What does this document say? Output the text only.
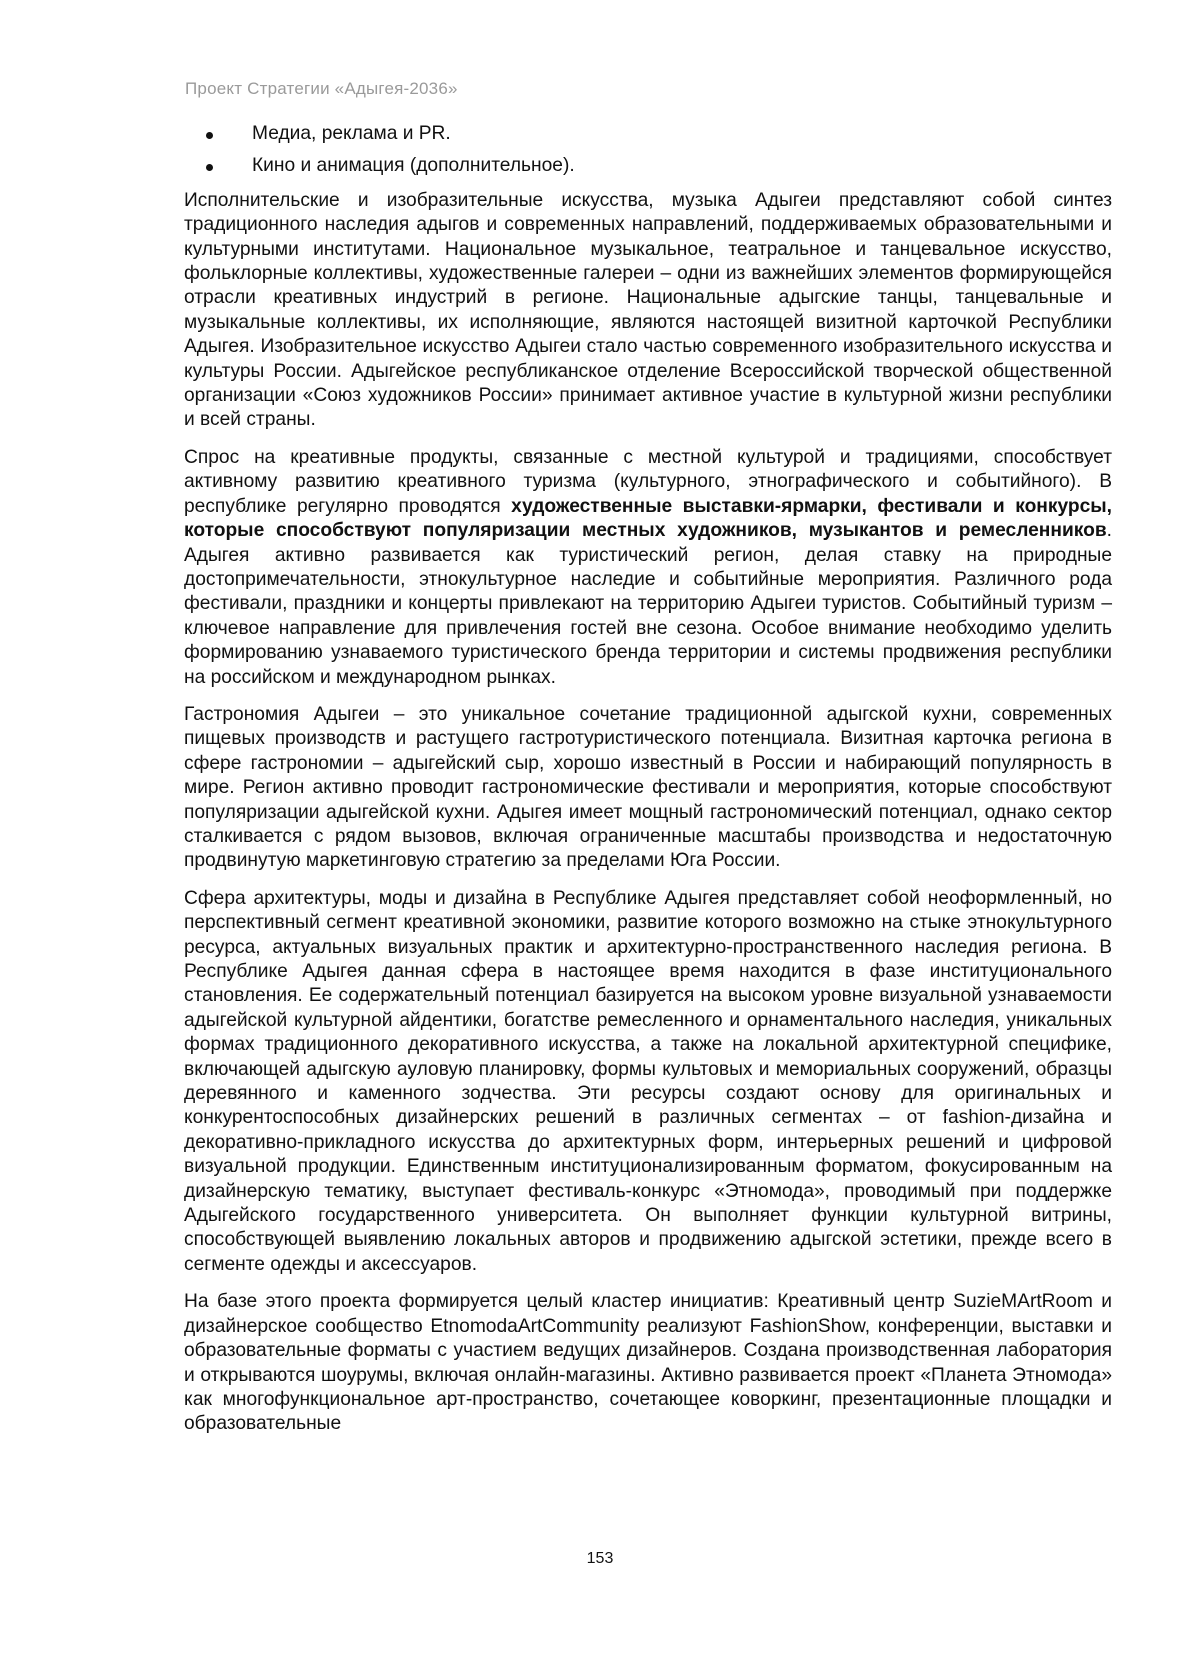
Проект Стратегии «Адыгея-2036»
Медиа, реклама и PR.
Кино и анимация (дополнительное).

Исполнительские и изобразительные искусства, музыка Адыгеи представляют собой синтез традиционного наследия адыгов и современных направлений, поддерживаемых образовательными и культурными институтами. Национальное музыкальное, театральное и танцевальное искусство, фольклорные коллективы, художественные галереи – одни из важнейших элементов формирующейся отрасли креативных индустрий в регионе. Национальные адыгские танцы, танцевальные и музыкальные коллективы, их исполняющие, являются настоящей визитной карточкой Республики Адыгея. Изобразительное искусство Адыгеи стало частью современного изобразительного искусства и культуры России. Адыгейское республиканское отделение Всероссийской творческой общественной организации «Союз художников России» принимает активное участие в культурной жизни республики и всей страны.

Спрос на креативные продукты, связанные с местной культурой и традициями, способствует активному развитию креативного туризма (культурного, этнографического и событийного). В республике регулярно проводятся художественные выставки-ярмарки, фестивали и конкурсы, которые способствуют популяризации местных художников, музыкантов и ремесленников. Адыгея активно развивается как туристический регион, делая ставку на природные достопримечательности, этнокультурное наследие и событийные мероприятия. Различного рода фестивали, праздники и концерты привлекают на территорию Адыгеи туристов. Событийный туризм – ключевое направление для привлечения гостей вне сезона. Особое внимание необходимо уделить формированию узнаваемого туристического бренда территории и системы продвижения республики на российском и международном рынках.

Гастрономия Адыгеи – это уникальное сочетание традиционной адыгской кухни, современных пищевых производств и растущего гастротуристического потенциала. Визитная карточка региона в сфере гастрономии – адыгейский сыр, хорошо известный в России и набирающий популярность в мире. Регион активно проводит гастрономические фестивали и мероприятия, которые способствуют популяризации адыгейской кухни. Адыгея имеет мощный гастрономический потенциал, однако сектор сталкивается с рядом вызовов, включая ограниченные масштабы производства и недостаточную продвинутую маркетинговую стратегию за пределами Юга России.

Сфера архитектуры, моды и дизайна в Республике Адыгея представляет собой неоформленный, но перспективный сегмент креативной экономики, развитие которого возможно на стыке этнокультурного ресурса, актуальных визуальных практик и архитектурно-пространственного наследия региона. В Республике Адыгея данная сфера в настоящее время находится в фазе институционального становления. Ее содержательный потенциал базируется на высоком уровне визуальной узнаваемости адыгейской культурной айдентики, богатстве ремесленного и орнаментального наследия, уникальных формах традиционного декоративного искусства, а также на локальной архитектурной специфике, включающей адыгскую ауловую планировку, формы культовых и мемориальных сооружений, образцы деревянного и каменного зодчества. Эти ресурсы создают основу для оригинальных и конкурентоспособных дизайнерских решений в различных сегментах – от fashion-дизайна и декоративно-прикладного искусства до архитектурных форм, интерьерных решений и цифровой визуальной продукции. Единственным институционализированным форматом, фокусированным на дизайнерскую тематику, выступает фестиваль-конкурс «Этномода», проводимый при поддержке Адыгейского государственного университета. Он выполняет функции культурной витрины, способствующей выявлению локальных авторов и продвижению адыгской эстетики, прежде всего в сегменте одежды и аксессуаров.

На базе этого проекта формируется целый кластер инициатив: Креативный центр SuzieMArtRoom и дизайнерское сообщество EtnomodaArtCommunity реализуют FashionShow, конференции, выставки и образовательные форматы с участием ведущих дизайнеров. Создана производственная лаборатория и открываются шоурумы, включая онлайн-магазины. Активно развивается проект «Планета Этномода» как многофункциональное арт-пространство, сочетающее коворкинг, презентационные площадки и образовательные

153
